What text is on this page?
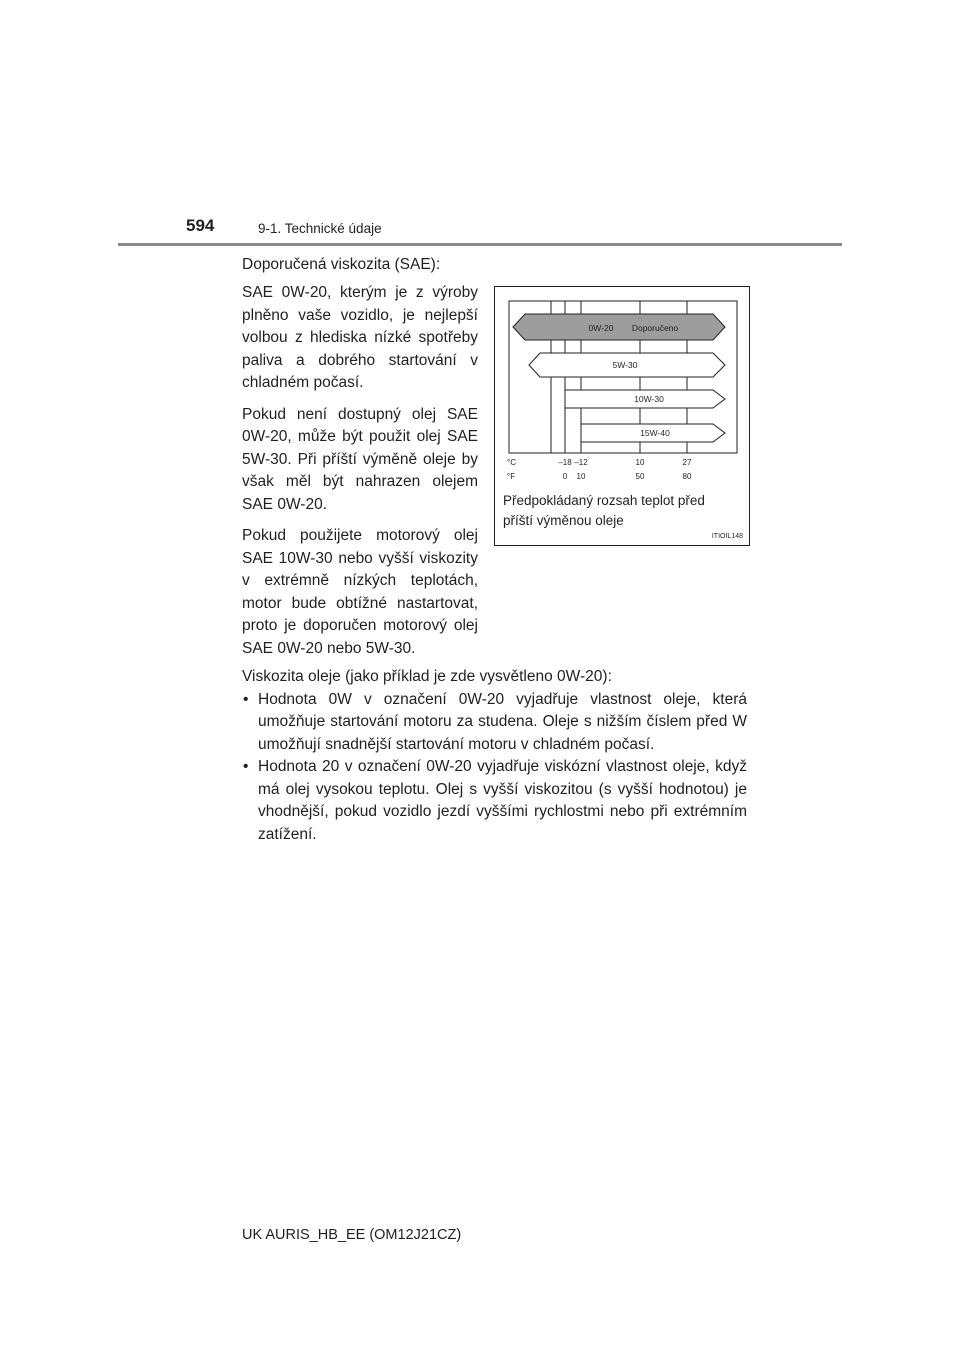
594	9-1. Technické údaje
Doporučená viskozita (SAE):

SAE 0W-20, kterým je z výroby plněno vaše vozidlo, je nejlepší volbou z hlediska nízké spotřeby paliva a dobrého startování v chladném počasí.

Pokud není dostupný olej SAE 0W-20, může být použit olej SAE 5W-30. Při příští výměně oleje by však měl být nahrazen olejem SAE 0W-20.

Pokud použijete motorový olej SAE 10W-30 nebo vyšší viskozity v extrémně nízkých teplotách, motor bude obtížné nastartovat, proto je doporučen motorový olej SAE 0W-20 nebo 5W-30.

0W-20 Doporučeno
5W-30
10W-30
15W-40
°C
°F
–18 –12	10	27
0 10	50	80
Předpokládaný rozsah teplot před
příští výměnou oleje
ITIOIL148

Viskozita oleje (jako příklad je zde vysvětleno 0W-20):

• Hodnota 0W v označení 0W-20 vyjadřuje vlastnost oleje, která umožňuje startování motoru za studena. Oleje s nižším číslem před W umožňují snadnější startování motoru v chladném počasí.
• Hodnota 20 v označení 0W-20 vyjadřuje viskózní vlastnost oleje, když má olej vysokou teplotu. Olej s vyšší viskozitou (s vyšší hodnotou) je vhodnější, pokud vozidlo jezdí vyššími rychlostmi nebo při extrémním zatížení.
UK AURIS_HB_EE (OM12J21CZ)
